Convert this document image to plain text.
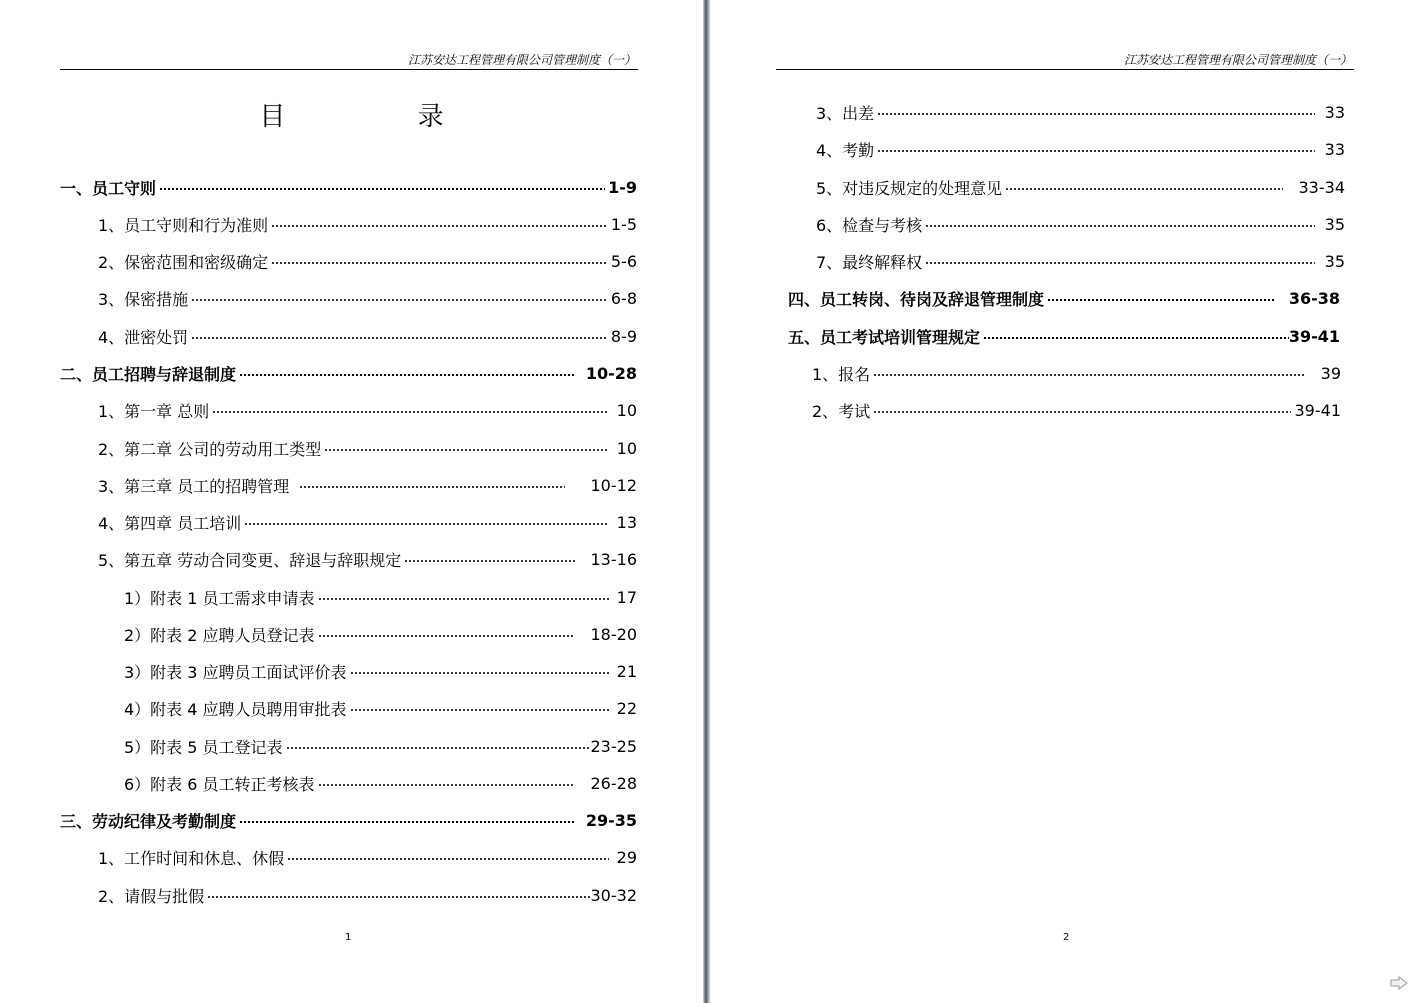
江苏安达工程管理有限公司管理制度（一）
目 录
一、员工守则	1-9
1、员工守则和行为准则	1-5
2、保密范围和密级确定	5-6
3、保密措施	6-8
4、泄密处罚	8-9
二、员工招聘与辞退制度	10-28
1、第一章 总则	10
2、第二章 公司的劳动用工类型	10
3、第三章 员工的招聘管理	10-12
4、第四章 员工培训	13
5、第五章 劳动合同变更、辞退与辞职规定	13-16
1）附表 1 员工需求申请表	17
2）附表 2 应聘人员登记表	18-20
3）附表 3 应聘员工面试评价表	21
4）附表 4 应聘人员聘用审批表	22
5）附表 5 员工登记表	23-25
6）附表 6 员工转正考核表	26-28
三、劳动纪律及考勤制度	29-35
1、工作时间和休息、休假	29
2、请假与批假	30-32
1
江苏安达工程管理有限公司管理制度（一）
3、出差	33
4、考勤	33
5、对违反规定的处理意见	33-34
6、检查与考核	35
7、最终解释权	35
四、员工转岗、待岗及辞退管理制度	36-38
五、员工考试培训管理规定	39-41
1、报名	39
2、考试	39-41
2
